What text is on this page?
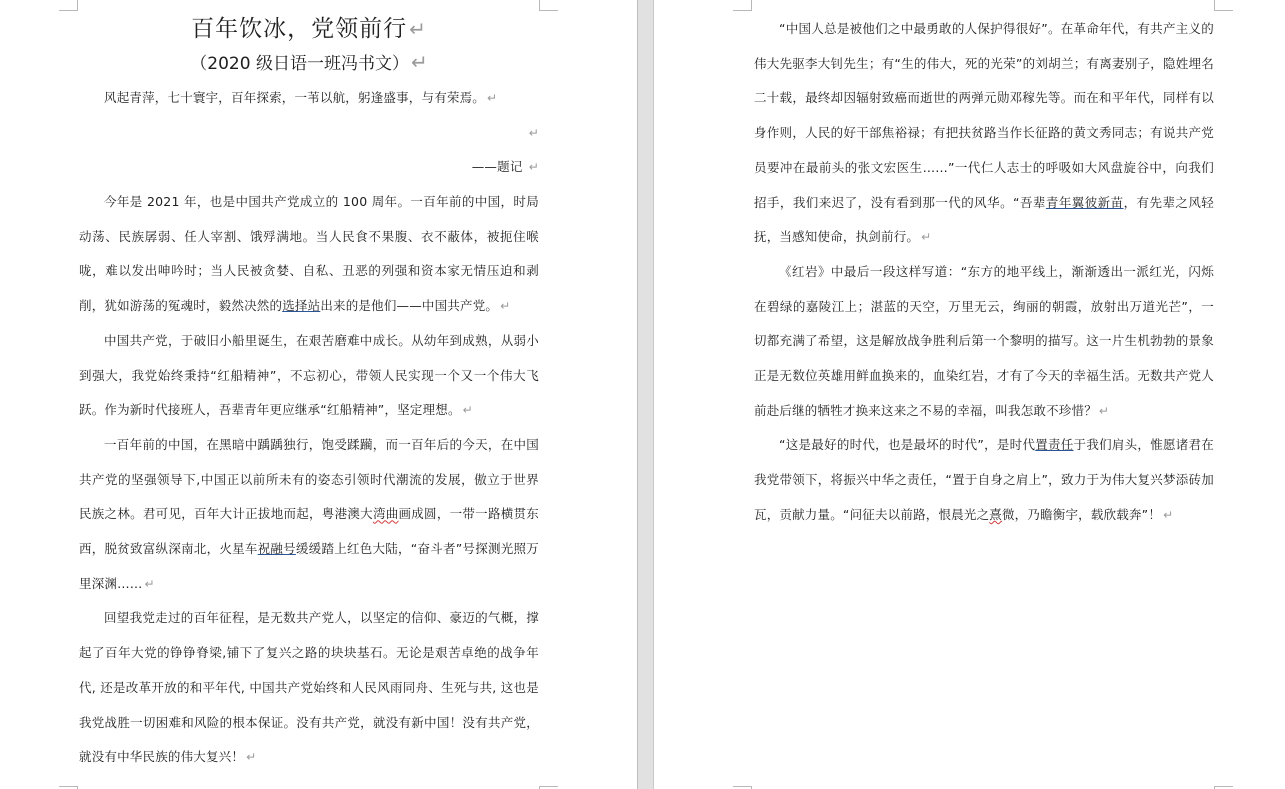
百年饮冰，党领前行 ↵
（2020 级日语一班冯书文） ↵

风起青萍，七十寰宇，百年探索，一苇以航，躬逢盛事，与有荣焉。 ↵

↵

——题记 ↵

今年是 2021 年，也是中国共产党成立的 100 周年。一百年前的中国，时局动荡、民族孱弱、任人宰割、饿殍满地。当人民食不果腹、衣不蔽体，被扼住喉咙，难以发出呻吟时；当人民被贪婪、自私、丑恶的列强和资本家无情压迫和剥削，犹如游荡的冤魂时，毅然决然的选择站出来的是他们——中国共产党。 ↵

中国共产党，于破旧小船里诞生，在艰苦磨难中成长。从幼年到成熟，从弱小到强大，我党始终秉持“红船精神”，不忘初心，带领人民实现一个又一个伟大飞跃。作为新时代接班人，吾辈青年更应继承“红船精神”，坚定理想。 ↵

一百年前的中国，在黑暗中踽踽独行，饱受蹂躏，而一百年后的今天，在中国共产党的坚强领导下,中国正以前所未有的姿态引领时代潮流的发展，傲立于世界民族之林。君可见，百年大计正拔地而起，粤港澳大湾曲画成圆，一带一路横贯东西，脱贫致富纵深南北，火星车祝融号缓缓踏上红色大陆，“奋斗者”号探测光照万里深渊…… ↵

回望我党走过的百年征程，是无数共产党人，以坚定的信仰、豪迈的气概，撑起了百年大党的铮铮脊梁,铺下了复兴之路的块块基石。无论是艰苦卓绝的战争年代, 还是改革开放的和平年代, 中国共产党始终和人民风雨同舟、生死与共, 这也是我党战胜一切困难和风险的根本保证。没有共产党，就没有新中国！没有共产党，就没有中华民族的伟大复兴！ ↵

“中国人总是被他们之中最勇敢的人保护得很好”。在革命年代，有共产主义的伟大先驱李大钊先生；有“生的伟大，死的光荣”的刘胡兰；有离妻别子，隐姓埋名二十载，最终却因辐射致癌而逝世的两弹元勋邓稼先等。而在和平年代，同样有以身作则，人民的好干部焦裕禄；有把扶贫路当作长征路的黄文秀同志；有说共产党员要冲在最前头的张文宏医生……”一代仁人志士的呼吸如大风盘旋谷中，向我们招手，我们来迟了，没有看到那一代的风华。“吾辈青年翼彼新苗，有先辈之风轻抚，当感知使命，执剑前行。 ↵

《红岩》中最后一段这样写道：“东方的地平线上，渐渐透出一派红光，闪烁在碧绿的嘉陵江上；湛蓝的天空，万里无云，绚丽的朝霞，放射出万道光芒”，一切都充满了希望，这是解放战争胜利后第一个黎明的描写。这一片生机勃勃的景象正是无数位英雄用鲜血换来的，血染红岩，才有了今天的幸福生活。无数共产党人前赴后继的牺牲才换来这来之不易的幸福，叫我怎敢不珍惜？ ↵

“这是最好的时代，也是最坏的时代”，是时代置责任于我们肩头，惟愿诸君在我党带领下，将振兴中华之责任，“置于自身之肩上”，致力于为伟大复兴梦添砖加瓦，贡献力量。“问征夫以前路，恨晨光之熹微，乃瞻衡宇，载欣载奔”！ ↵
